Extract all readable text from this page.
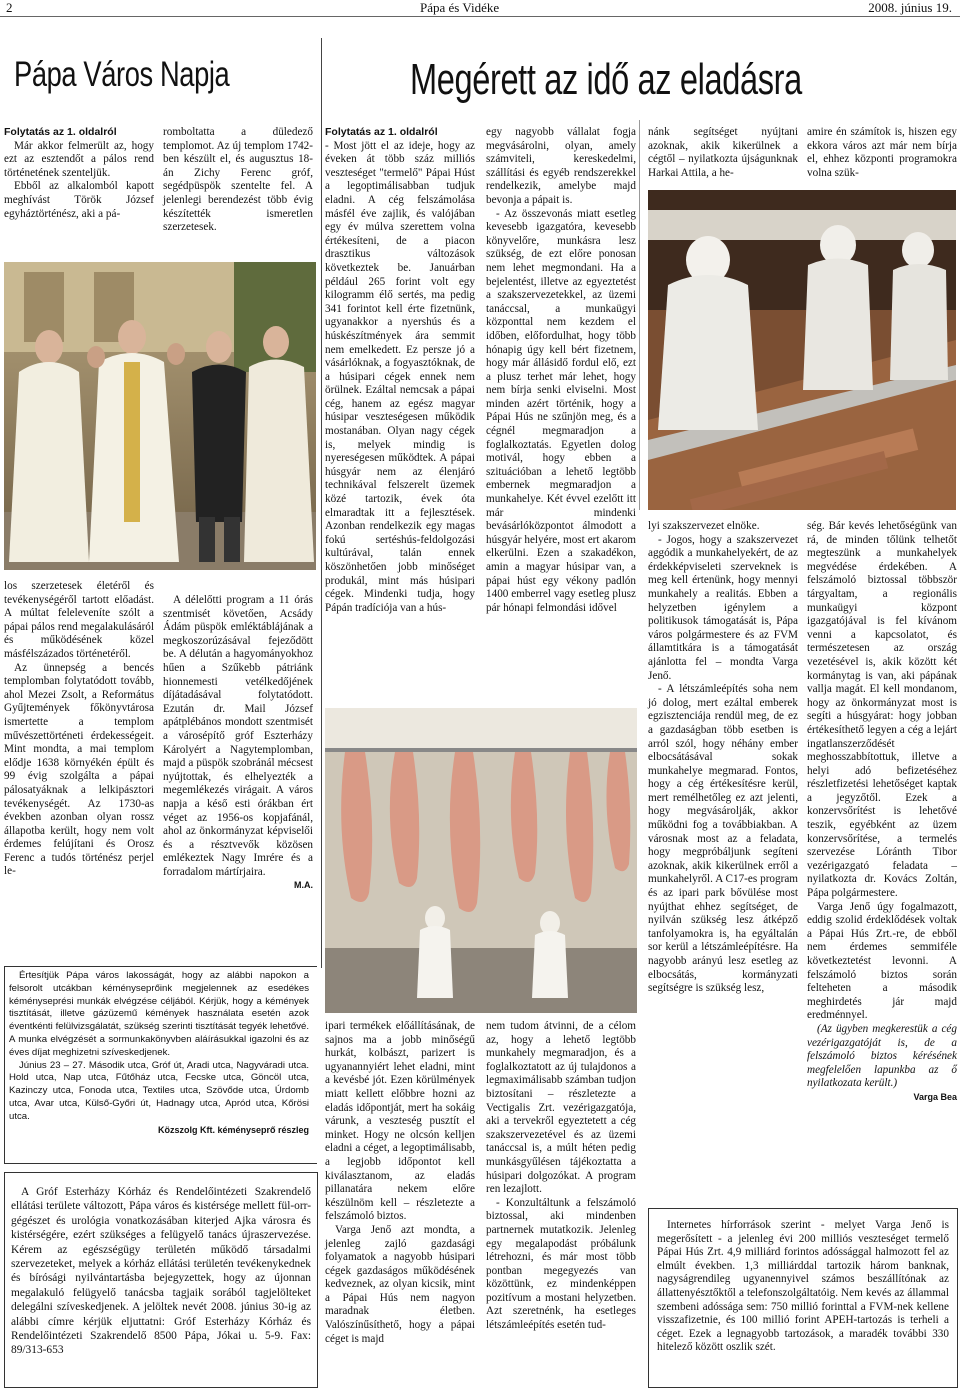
2	Pápa és Vidéke	2008. június 19.
Pápa Város Napja
Folytatás az 1. oldalról

Már akkor felmerült az, hogy ezt az esztendőt a pálos rend történetének szenteljük.

Ebből az alkalomból kapott meghívást Török József egyháztörténész, aki a pá-

romboltatta a düledező templomot. Az új templom 1742-ben készült el, és augusztus 18-án Zichy Ferenc gróf, segédpüspök szentelte fel. A jelenlegi berendezést több évig készítették ismeretlen szerzetesek.

los szerzetesek életéről és tevékenységéről tartott előadást. A múltat feleleveníte szólt a pápai pálos rend megalakulásáról és működésének közel másfélszázados történetéről.

Az ünnepség a bencés templomban folytatódott tovább, ahol Mezei Zsolt, a Református Gyűjtemények főkönyvtárosa ismertette a templom művészettörténeti érdekességeit. Mint mondta, a mai templom elődje 1638 környékén épült és 99 évig szolgálta a pápai pálosatyáknak a lelkipásztori tevékenységét. Az 1730-as években azonban olyan rossz állapotba került, hogy nem volt érdemes felújítani és Orosz Ferenc a tudós történész perjel le-

A délelőtti program a 11 órás szentmisét követően, Acsády Ádám püspök emléktáblájának a megkoszorúzásával fejeződött be. A délután a hagyományokhoz hűen a Szűkebb pátriánk hionnemesti vetélkedőjének díjátadásával folytatódott. Ezután dr. Mail József apátplébános mondott szentmisét a városépítő gróf Eszterházy Károlyért a Nagytemplomban, majd a püspök szobránál mécsest nyújtottak, és elhelyezték a megemlékezés virágait. A város napja a késő esti órákban ért véget az 1956-os kopjafánál, ahol az önkormányzat képviselői és a résztvevők közösen emlékeztek Nagy Imrére és a forradalom mártírjaira.

M.A.

Értesítjük Pápa város lakosságát, hogy az alábbi napokon a felsorolt utcákban kéményseprőink megjelennek az esedékes kéményseprési munkák elvégzése céljából. Kérjük, hogy a kémények tisztítását, illetve gázüzemű kémények használata esetén azok éventkénti felülvizsgálatát, szükség szerinti tisztítását tegyék lehetővé. A munka elvégzését a sormunkakönyvben aláírásukkal igazolni és az éves díjat meghizetni szíveskedjenek.

Június 23 – 27. Második utca, Gróf út, Aradi utca, Nagyváradi utca. Hold utca, Nap utca, Fűtőház utca, Fecske utca, Göncöl utca, Kazinczy utca, Fonoda utca, Textiles utca, Szövőde utca, Úrdomb utca, Avar utca, Külső-Győri út, Hadnagy utca, Apród utca, Kőrösi utca.

Közszolg Kft. kéményseprő részleg

A Gróf Esterházy Kórház és Rendelőintézeti Szakrendelő ellátási területe változott, Pápa város és kistérsége mellett fül-orr-gégészet és urológia vonatkozásában kiterjed Ajka városra és kistérségére, ezért szükséges a felügyelő tanács újraszervezése. Kérem az egészségügy területén működő társadalmi szervezeteket, melyek a kórház ellátási területén tevékenykednek és bírósági nyilvántartásba bejegyzettek, hogy az újonnan megalakuló felügyelő tanácsba tagjaik sorából tagjelölteket delegálni szíveskedjenek. A jelöltek nevét 2008. június 30-ig az alábbi címre kérjük eljuttatni: Gróf Esterházy Kórház és Rendelőintézeti Szakrendelő 8500 Pápa, Jókai u. 5-9. Fax: 89/313-653

Megérett az idő az eladásra
Folytatás az 1. oldalról

- Most jött el az ideje, hogy az éveken át több száz milliós veszteséget "termelő" Pápai Húst a legoptimálisabban tudjuk eladni. A cég felszámolása másfél éve zajlik, és valójában egy év múlva szerettem volna értékesíteni, de a piacon drasztikus változások következtek be. Januárban például 265 forint volt egy kilogramm élő sertés, ma pedig 341 forintot kell érte fizetnünk, ugyanakkor a nyershús és a húskészítmények ára semmit nem emelkedett. Ez persze jó a vásárlóknak, a fogyasztóknak, de a húsipari cégek ennek nem örülnek. Ezáltal nemcsak a pápai cég, hanem az egész magyar húsipar veszteségesen működik mostanában. Olyan nagy cégek is, melyek mindig is nyereségesen működtek. A pápai húsgyár nem az élenjáró technikával felszerelt üzemek közé tartozik, évek óta elmaradtak itt a fejlesztések. Azonban rendelkezik egy magas fokú sertéshús-feldolgozási kultúrával, talán ennek köszönhetően jobb minőséget produkál, mint más húsipari cégek. Mindenki tudja, hogy Pápán tradíciója van a hús-

egy nagyobb vállalat fogja megvásárolni, olyan, amely számviteli, kereskedelmi, szállítási és egyéb rendszerekkel rendelkezik, amelybe majd bevonja a pápait is.

- Az összevonás miatt esetleg kevesebb igazgatóra, kevesebb könyvelőre, munkásra lesz szükség, de ezt előre ponosan nem lehet megmondani. Ha a bejelentést, illetve az egyeztetést a szakszervezetekkel, az üzemi tanáccsal, a munkaügyi központtal nem kezdem el időben, előfordulhat, hogy több hónapig úgy kell bért fizetnem, hogy már állásidő fordul elő, ezt a plusz terhet már lehet, hogy nem bírja senki elviselni. Most minden azért történik, hogy a Pápai Hús ne szűnjön meg, és a cégnél megmaradjon a foglalkoztatás. Egyetlen dolog motivál, hogy ebben a szituációban a lehető legtöbb embernek megmaradjon a munkahelye. Két évvel ezelőtt itt már mindenki bevásárlóközpontot álmodott a húsgyár helyére, most ert akarom elkerülni. Ezen a szakadékon, amin a magyar húsipar van, a pápai húst egy vékony padlón 1400 emberrel vagy esetleg plusz pár hónapi felmondási idővel

nánk segítséget nyújtani azoknak, akik kikerülnek a cégtől – nyilatkozta újságunknak Harkai Attila, a he-

amire én számítok is, hiszen egy ekkora város azt már nem bírja el, ehhez központi programokra volna szük-

ipari termékek előállításának, de sajnos ma a jobb minőségű hurkát, kolbászt, parizert is ugyanannyiért lehet eladni, mint a kevésbé jót. Ezen körülmények miatt kellett előbbre hozni az eladás időpontját, mert ha sokáig várunk, a veszteség pusztít el minket. Hogy ne olcsón kelljen eladni a céget, a legoptimálisabb, a legjobb időpontot kell kiválasztanom, az eladás pillanatára nekem előre készülnöm kell – részletezte a felszámoló biztos.

Varga Jenő azt mondta, a jelenleg zajló gazdasági folyamatok a nagyobb húsipari cégek gazdaságos működésének kedveznek, az olyan kicsik, mint a Pápai Hús nem nagyon maradnak életben. Valószínűsíthető, hogy a pápai céget is majd

nem tudom átvinni, de a célom az, hogy a lehető legtöbb munkahely megmaradjon, és a foglalkoztatott az új tulajdonos a legmaximálisabb számban tudjon biztosítani – részletezte a Vectigalis Zrt. vezérigazgatója, aki a tervekről egyeztetett a cég szakszervezetével és az üzemi tanáccsal is, a múlt héten pedig munkásgyűlésen tájékoztatta a húsipari dolgozókat. A program ren lezajlott.

- Konzultáltunk a felszámoló biztossal, aki mindenben partnernek mutatkozik. Jelenleg egy megalapodást próbálunk létrehozni, és már most több pontban megegyezés van közöttünk, ez mindenképpen pozitívum a mostani helyzetben. Azt szeretnénk, ha esetleges létszámleépítés esetén tud-

lyi szakszervezet elnöke.

- Jogos, hogy a szakszervezet aggódik a munkahelyekért, de az érdekképviseleti szerveknek is meg kell értenünk, hogy mennyi munkahely a realitás. Ebben a helyzetben igénylem a politikusok támogatását is, Pápa város polgármestere és az FVM államtitkára is a támogatását ajánlotta fel – mondta Varga Jenő.

- A létszámleépítés soha nem jó dolog, mert ezáltal emberek egzisztenciája rendül meg, de ez a gazdaságban több esetben is arról szól, hogy néhány ember elbocsátásával sokak munkahelye megmarad. Fontos, hogy a cég értékesítésre kerül, mert remélhetőleg ez azt jelenti, hogy megvásárolják, akkor működni fog a továbbiakban. A városnak most az a feladata, hogy megpróbáljunk segíteni azoknak, akik kikerülnek erről a munkahelyről. A C17-es program és az ipari park bővülése most nyújthat ehhez segítséget, de nyilván szükség lesz átképző tanfolyamokra is, ha egyáltalán sor kerül a létszámleépítésre. Ha nagyobb arányú lesz esetleg az elbocsátás, kormányzati segítségre is szükség lesz,

ség. Bár kevés lehetőségünk van rá, de minden tőlünk telhetőt megteszünk a munkahelyek megvédése érdekében. A felszámoló biztossal többször tárgyaltam, a regionális munkaügyi központ igazgatójával is fel kívánom venni a kapcsolatot, és természetesen az ország vezetésével is, akik között két kormánytag is van, aki pápának vallja magát. El kell mondanom, hogy az önkormányzat most is segíti a húsgyárat: hogy jobban értékesíthető legyen a cég a lejárt ingatlanszerződését meghosszabbítottuk, illetve a helyi adó befizetéséhez részletfizetési lehetőséget kaptak a jegyzőtől. Ezek a konzervsőrítést is lehetővé teszik, egyébként az üzem konzervsőrítése, a termelés szervezése Lóránth Tibor vezérigazgató feladata – nyilatkozta dr. Kovács Zoltán, Pápa polgármestere.

Varga Jenő úgy fogalmazott, eddig szolid érdeklődések voltak a Pápai Hús Zrt.-re, de ebből nem érdemes semmiféle következtetést levonni. A felszámoló biztos során felteheten a második meghirdetés jár majd eredménnyel.

(Az ügyben megkerestük a cég vezérigazgatóját is, de a felszámoló biztos kérésének megfelelően lapunkba az ő nyilatkozata került.)

Varga Bea

Internetes hírforrások szerint - melyet Varga Jenő is megerősített - a jelenleg évi 200 milliós veszteséget termelő Pápai Hús Zrt. 4,9 milliárd forintos adóssággal halmozott fel az elmúlt években. 1,3 milliárddal tartozik három banknak, nagyságrendileg ugyanennyivel számos beszállítónak az állattenyésztőktől a telefonszolgáltatóig. Nem kevés az állammal szembeni adóssága sem: 750 millió forinttal a FVM-nek kellene visszafizetnie, és 100 millió forint APEH-tartozás is terheli a céget. Ezek a legnagyobb tartozások, a maradék további 330 hitelező között oszlik szét.
